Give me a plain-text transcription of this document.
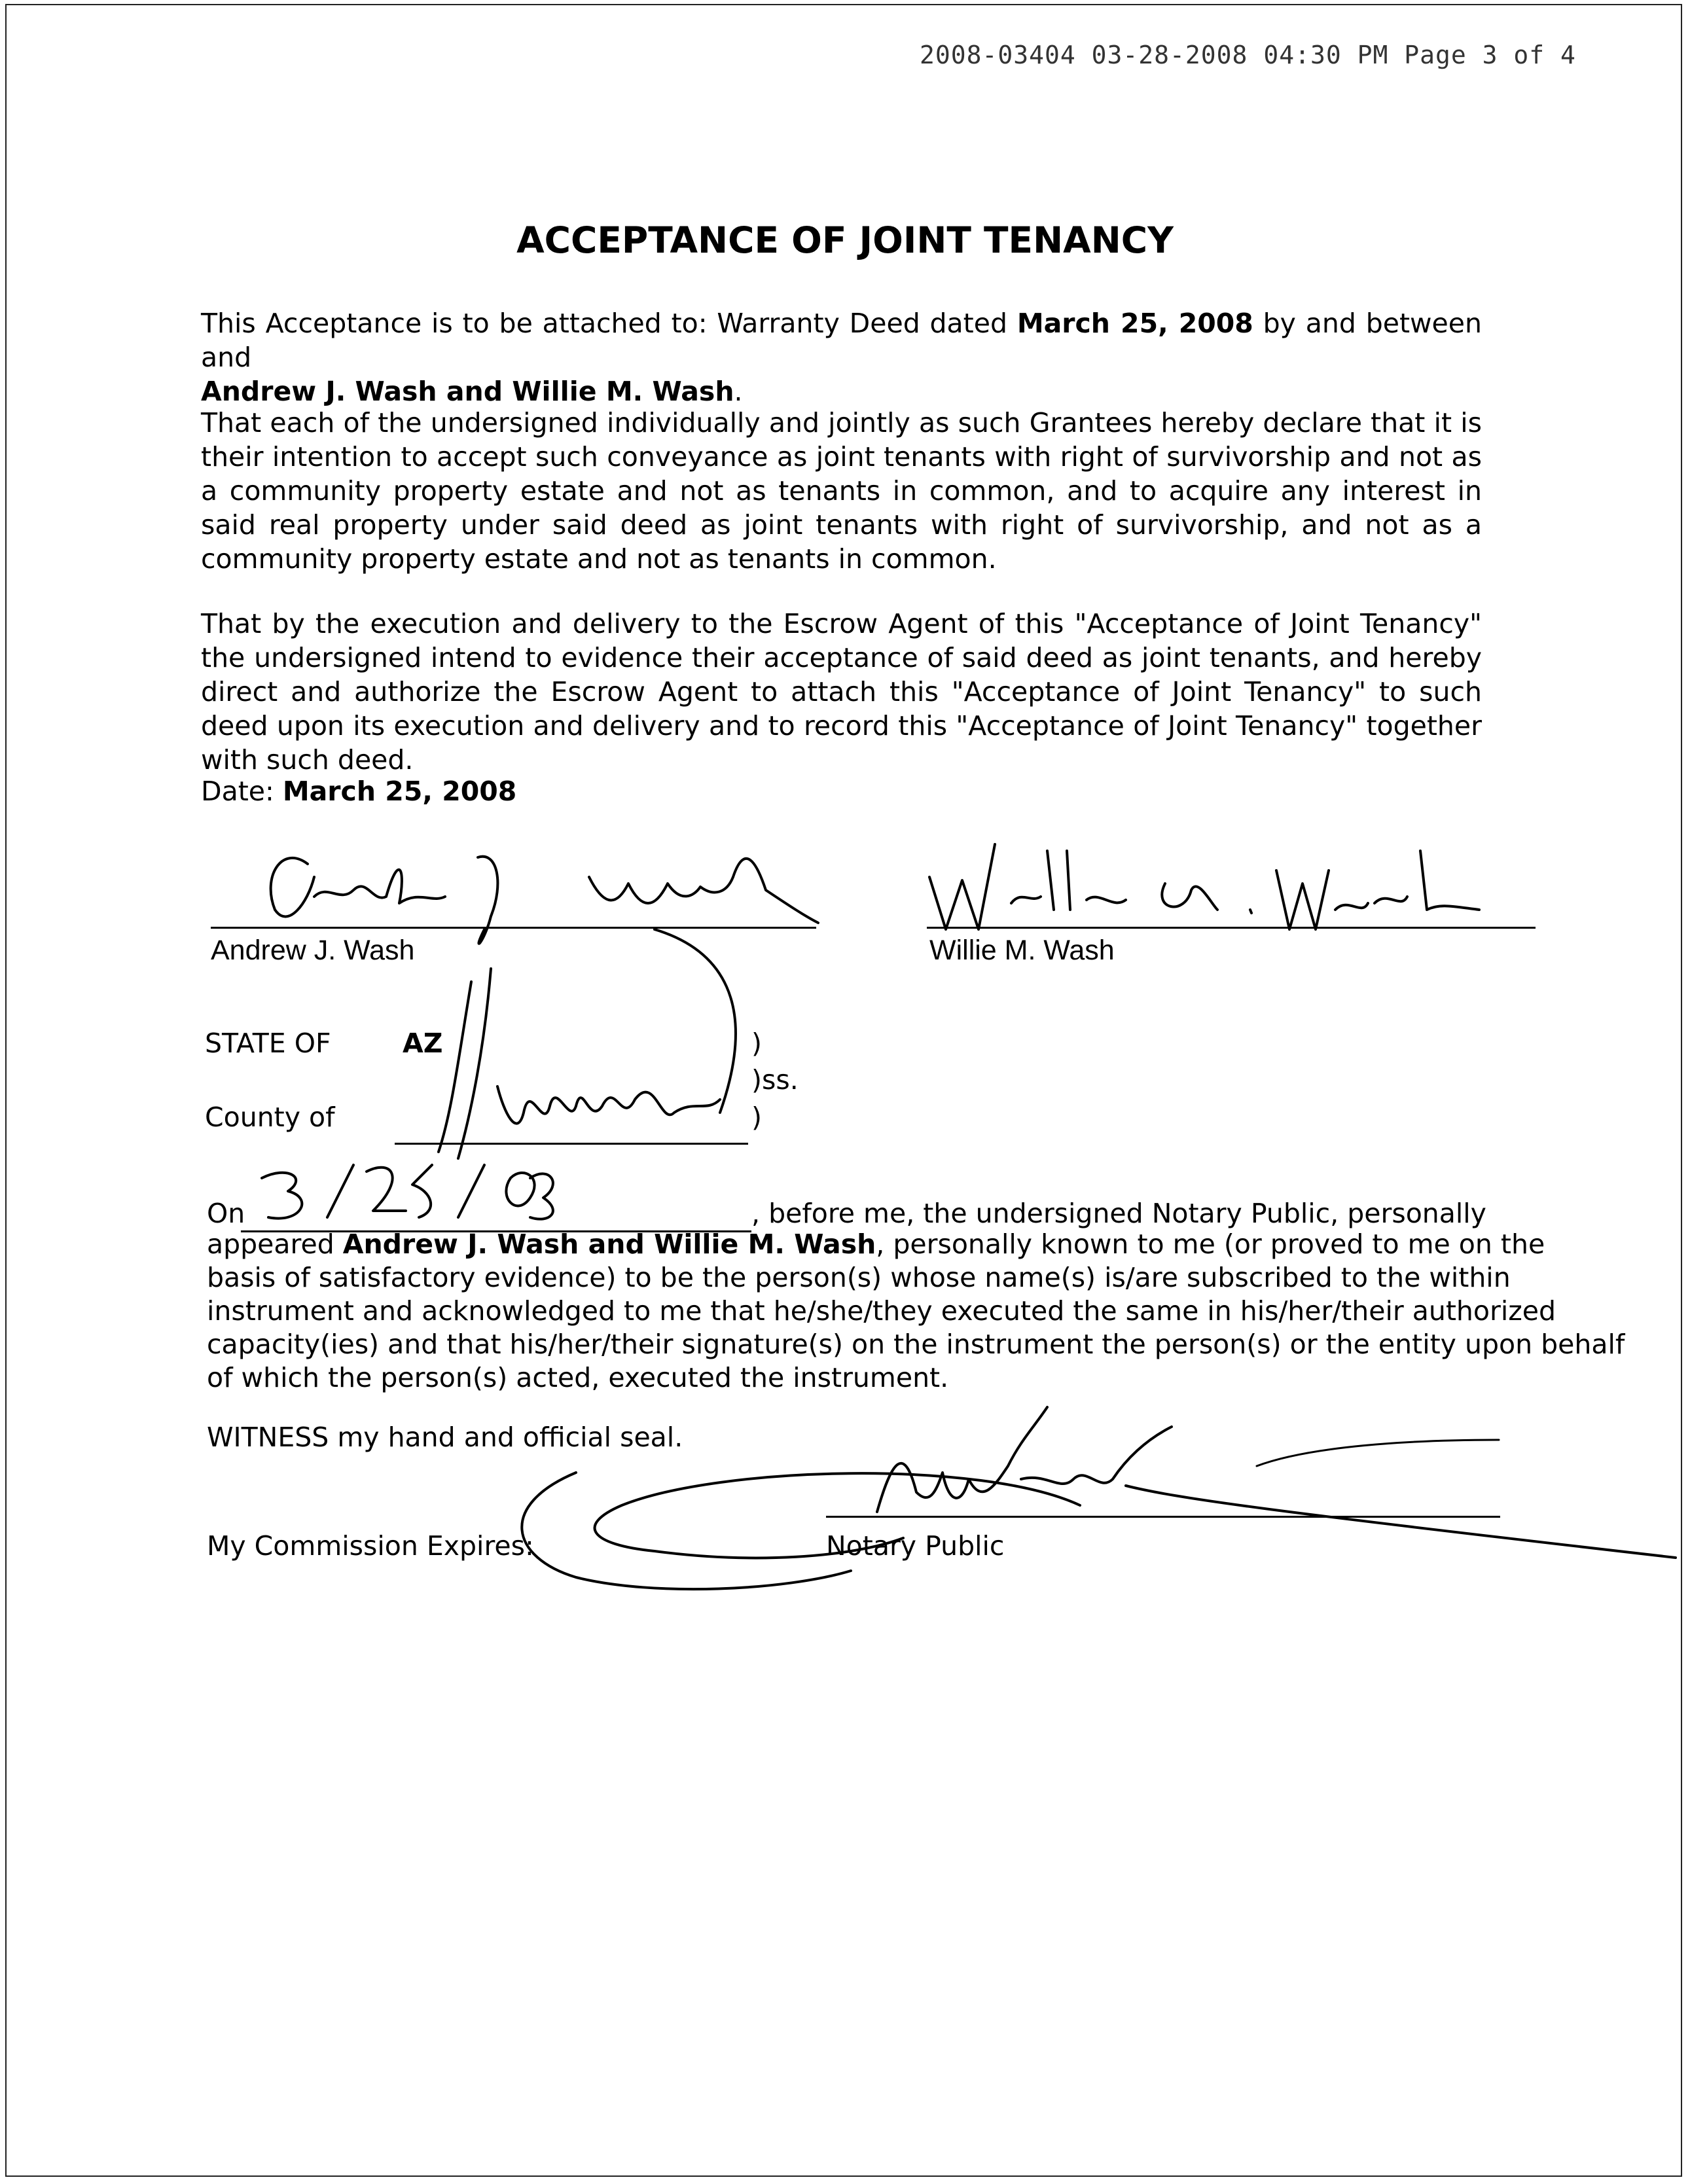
2008-03404 03-28-2008 04:30 PM Page 3 of 4
ACCEPTANCE OF JOINT TENANCY
This Acceptance is to be attached to: Warranty Deed dated March 25, 2008 by and between and
Andrew J. Wash and Willie M. Wash.
That each of the undersigned individually and jointly as such Grantees hereby declare that it is their intention to accept such conveyance as joint tenants with right of survivorship and not as a community property estate and not as tenants in common, and to acquire any interest in said real property under said deed as joint tenants with right of survivorship, and not as a community property estate and not as tenants in common.
That by the execution and delivery to the Escrow Agent of this "Acceptance of Joint Tenancy" the undersigned intend to evidence their acceptance of said deed as joint tenants, and hereby direct and authorize the Escrow Agent to attach this "Acceptance of Joint Tenancy" to such deed upon its execution and delivery and to record this "Acceptance of Joint Tenancy" together with such deed.
Date: March 25, 2008
Andrew J. Wash	Willie M. Wash
STATE OF	AZ	)
)ss.
County of	)
On	, before me, the undersigned Notary Public, personally
appeared Andrew J. Wash and Willie M. Wash, personally known to me (or proved to me on the
basis of satisfactory evidence) to be the person(s) whose name(s) is/are subscribed to the within
instrument and acknowledged to me that he/she/they executed the same in his/her/their authorized
capacity(ies) and that his/her/their signature(s) on the instrument the person(s) or the entity upon behalf
of which the person(s) acted, executed the instrument.
WITNESS my hand and official seal.
My Commission Expires:	Notary Public
